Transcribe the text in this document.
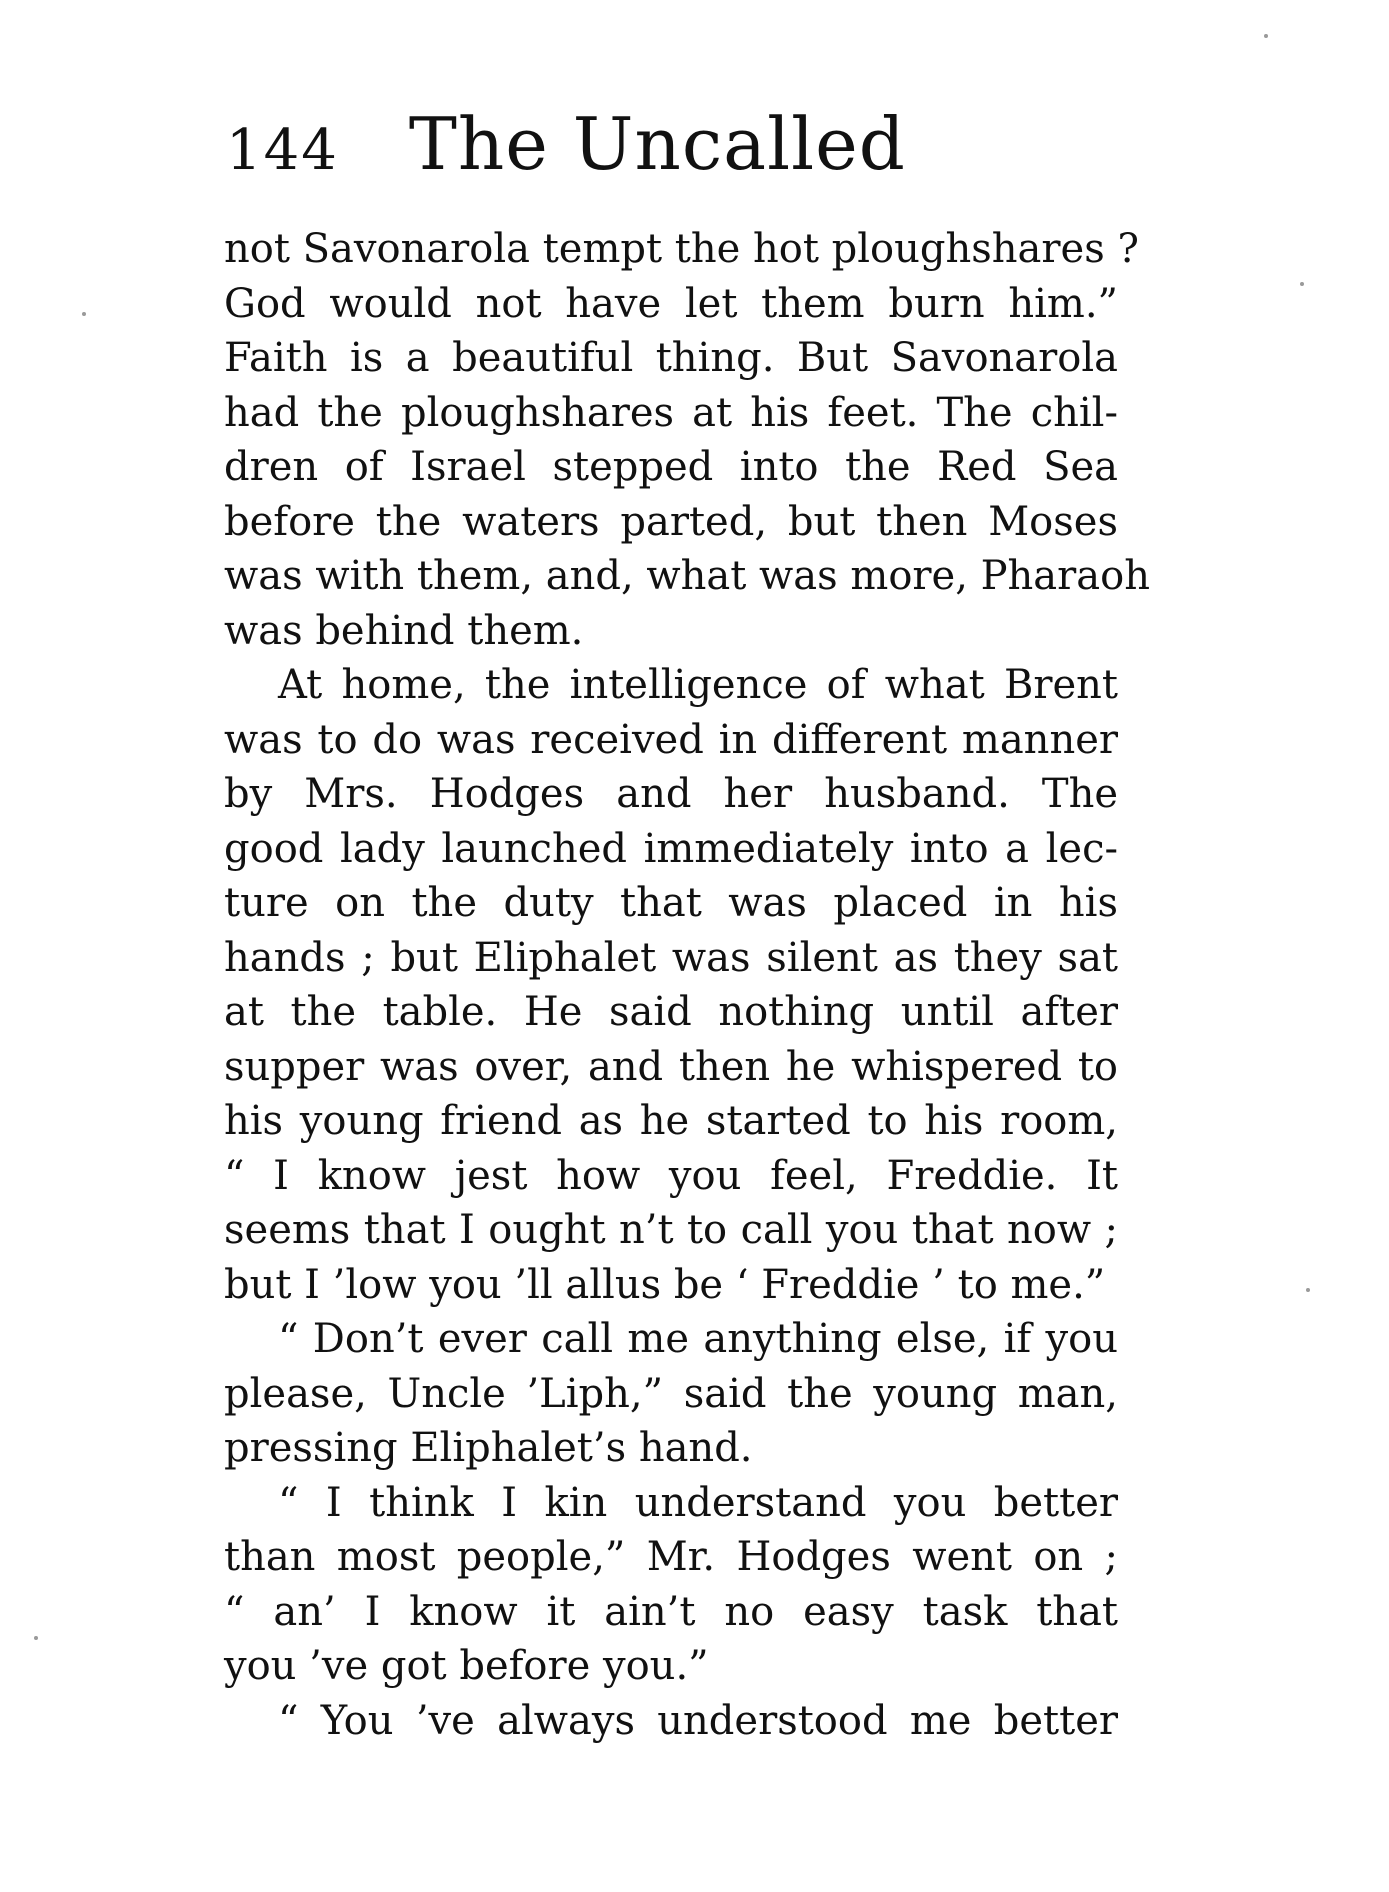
144 The Uncalled
not Savonarola tempt the hot ploughshares ?
God would not have let them burn him.”
Faith is a beautiful thing. But Savonarola
had the ploughshares at his feet. The chil-
dren of Israel stepped into the Red Sea
before the waters parted, but then Moses
was with them, and, what was more, Pharaoh
was behind them.
At home, the intelligence of what Brent
was to do was received in different manner
by Mrs. Hodges and her husband. The
good lady launched immediately into a lec-
ture on the duty that was placed in his
hands ; but Eliphalet was silent as they sat
at the table. He said nothing until after
supper was over, and then he whispered to
his young friend as he started to his room,
“ I know jest how you feel, Freddie. It
seems that I ought n’t to call you that now ;
but I ’low you ’ll allus be ‘ Freddie ’ to me.”
“ Don’t ever call me anything else, if you
please, Uncle ’Liph,” said the young man,
pressing Eliphalet’s hand.
“ I think I kin understand you better
than most people,” Mr. Hodges went on ;
“ an’ I know it ain’t no easy task that
you ’ve got before you.”
“ You ’ve always understood me better
